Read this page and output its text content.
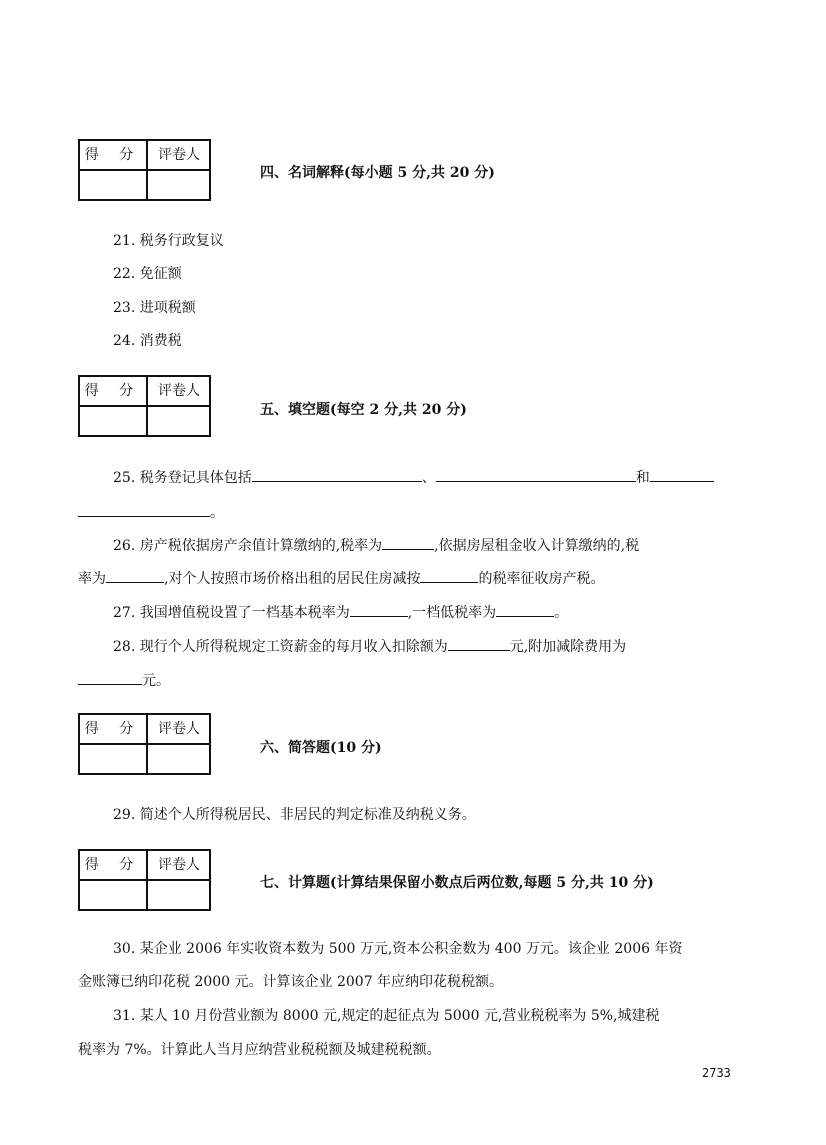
得 分	评卷人
四、名词解释(每小题 5 分,共 20 分)
21. 税务行政复议
22. 免征额
23. 进项税额
24. 消费税
得 分	评卷人
五、填空题(每空 2 分,共 20 分)
25. 税务登记具体包括	、	和
。
26. 房产税依据房产余值计算缴纳的,税率为	,依据房屋租金收入计算缴纳的,税
率为	,对个人按照市场价格出租的居民住房减按	的税率征收房产税。
27. 我国增值税设置了一档基本税率为	,一档低税率为	。
28. 现行个人所得税规定工资薪金的每月收入扣除额为	元,附加减除费用为
元。
得 分	评卷人
六、简答题(10 分)
29. 简述个人所得税居民、非居民的判定标准及纳税义务。
得 分	评卷人
七、计算题(计算结果保留小数点后两位数,每题 5 分,共 10 分)
30. 某企业 2006 年实收资本数为 500 万元,资本公积金数为 400 万元。该企业 2006 年资
金账簿已纳印花税 2000 元。计算该企业 2007 年应纳印花税税额。
31. 某人 10 月份营业额为 8000 元,规定的起征点为 5000 元,营业税税率为 5%,城建税
税率为 7%。计算此人当月应纳营业税税额及城建税税额。
2733
